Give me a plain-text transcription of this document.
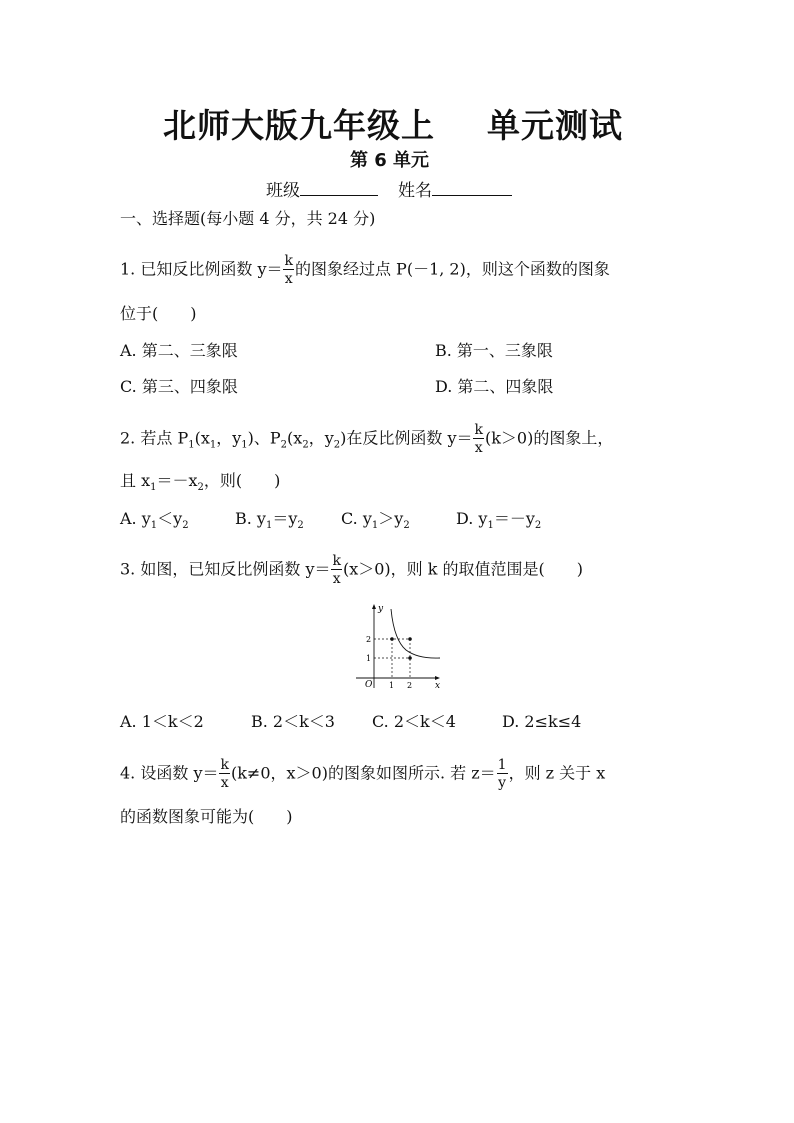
北师大版九年级上 单元测试
第 6 单元
班级	姓名
一、选择题(每小题 4 分，共 24 分)
1. 已知反比例函数 $y= \frac{k}{x}$ 的图象经过点 P(－1, 2)，则这个函数的图象
位于(　　)
A. 第二、三象限	B. 第一、三象限
C. 第三、四象限	D. 第二、四象限
2. 若点 $P_1(x_1$，$y_1$)、$P_2(x_2$，$y_2$)在反比例函数 $y= \frac{k}{x} (k>0)$的图象上，
且 $x_1=-x_2$，则(　　)
A. $y_1<y_2$	B. $y_1=y_2$ C. $y_1>y_2$	D. $y_1=-y_2$
3. 如图，已知反比例函数 $y= \frac{k}{x} (x>0)$，则 k 的取值范围是(　　)
y
x
O 1 2
2
1
A. 1＜k＜2	B. 2＜k＜3 C. 2＜k＜4	D. 2≤k≤4
4. 设函数 $y= \frac{k}{x} (k\ne 0$，x＞0)的图象如图所示. 若 $z= \frac{1}{y}$ ，则 z 关于 x
的函数图象可能为(　　)
